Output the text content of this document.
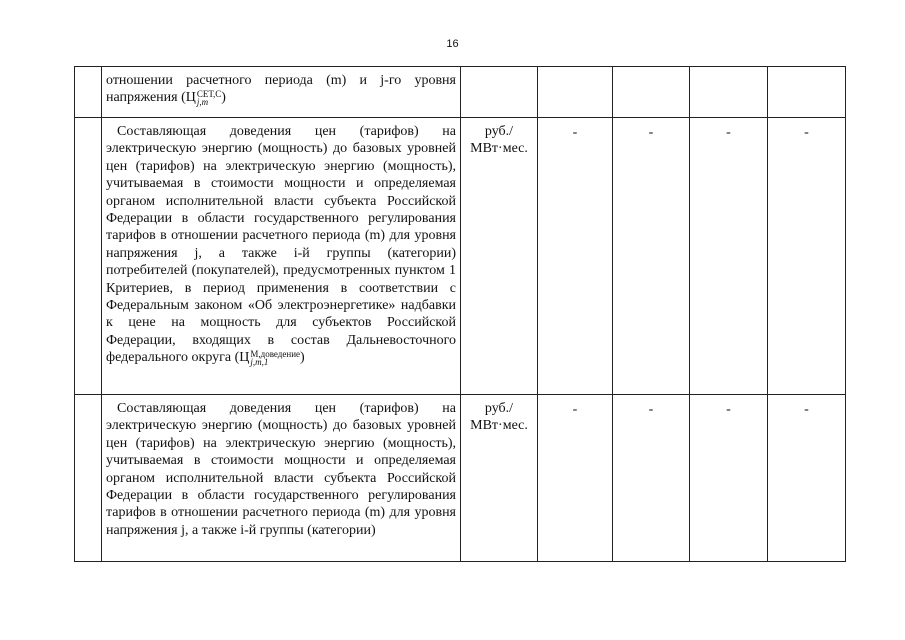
16

	отношении расчетного периода (m) и j-го уровня напряжения (Ц СЕТ,С
j,m )					

	Составляющая доведения цен (тарифов) на электрическую энергию (мощность) до базовых уровней цен (тарифов) на электрическую энергию (мощность), учитываемая в стоимости мощности и определяемая органом исполнительной власти субъекта Российской Федерации в области государственного регулирования тарифов в отношении расчетного периода (m) для уровня напряжения j, а также i-й группы (категории) потребителей (покупателей), предусмотренных пунктом 1 Критериев, в период применения в соответствии с Федеральным законом «Об электроэнергетике» надбавки к цене на мощность для субъектов Российской Федерации, входящих в состав Дальневосточного федерального округа (Ц М,доведение
j,m,1 )	руб./ МВт·мес.	-	-	-	-

	Составляющая доведения цен (тарифов) на электрическую энергию (мощность) до базовых уровней цен (тарифов) на электрическую энергию (мощность), учитываемая в стоимости мощности и определяемая органом исполнительной власти субъекта Российской Федерации в области государственного регулирования тарифов в отношении расчетного периода (m) для уровня напряжения j, а также i-й группы (категории)	руб./ МВт·мес.	-	-	-	-
